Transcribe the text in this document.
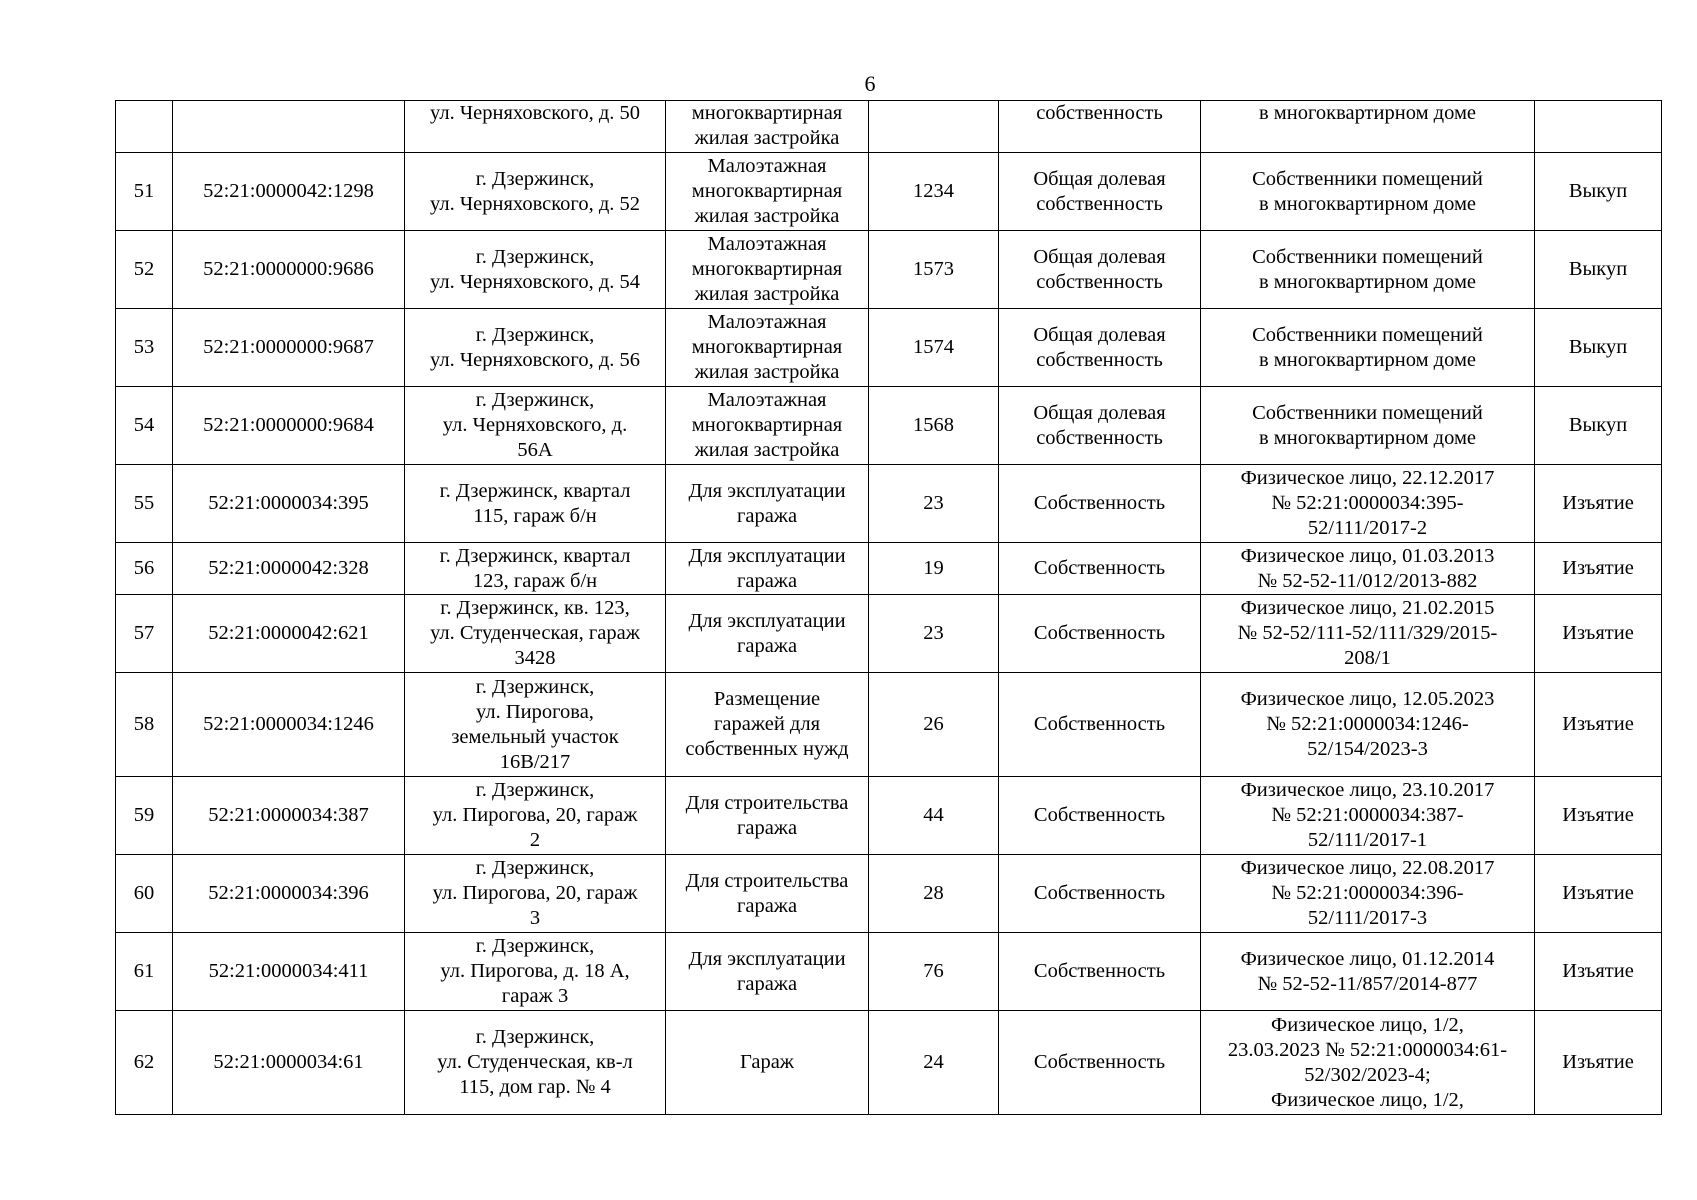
6
		ул. Черняховского, д. 50	многоквартирная
жилая застройка		собственность	в многоквартирном доме	
51	52:21:0000042:1298	г. Дзержинск,
ул. Черняховского, д. 52	Малоэтажная
многоквартирная
жилая застройка	1234	Общая долевая
собственность	Собственники помещений
в многоквартирном доме	Выкуп
52	52:21:0000000:9686	г. Дзержинск,
ул. Черняховского, д. 54	Малоэтажная
многоквартирная
жилая застройка	1573	Общая долевая
собственность	Собственники помещений
в многоквартирном доме	Выкуп
53	52:21:0000000:9687	г. Дзержинск,
ул. Черняховского, д. 56	Малоэтажная
многоквартирная
жилая застройка	1574	Общая долевая
собственность	Собственники помещений
в многоквартирном доме	Выкуп
54	52:21:0000000:9684	г. Дзержинск,
ул. Черняховского, д.
56А	Малоэтажная
многоквартирная
жилая застройка	1568	Общая долевая
собственность	Собственники помещений
в многоквартирном доме	Выкуп
55	52:21:0000034:395	г. Дзержинск, квартал
115, гараж б/н	Для эксплуатации
гаража	23	Собственность	Физическое лицо, 22.12.2017
№ 52:21:0000034:395-
52/111/2017-2	Изъятие
56	52:21:0000042:328	г. Дзержинск, квартал
123, гараж б/н	Для эксплуатации
гаража	19	Собственность	Физическое лицо, 01.03.2013
№ 52-52-11/012/2013-882	Изъятие
57	52:21:0000042:621	г. Дзержинск, кв. 123,
ул. Студенческая, гараж
3428	Для эксплуатации
гаража	23	Собственность	Физическое лицо, 21.02.2015
№ 52-52/111-52/111/329/2015-
208/1	Изъятие
58	52:21:0000034:1246	г. Дзержинск,
ул. Пирогова,
земельный участок
16В/217	Размещение
гаражей для
собственных нужд	26	Собственность	Физическое лицо, 12.05.2023
№ 52:21:0000034:1246-
52/154/2023-3	Изъятие
59	52:21:0000034:387	г. Дзержинск,
ул. Пирогова, 20, гараж
2	Для строительства
гаража	44	Собственность	Физическое лицо, 23.10.2017
№ 52:21:0000034:387-
52/111/2017-1	Изъятие
60	52:21:0000034:396	г. Дзержинск,
ул. Пирогова, 20, гараж
3	Для строительства
гаража	28	Собственность	Физическое лицо, 22.08.2017
№ 52:21:0000034:396-
52/111/2017-3	Изъятие
61	52:21:0000034:411	г. Дзержинск,
ул. Пирогова, д. 18 А,
гараж 3	Для эксплуатации
гаража	76	Собственность	Физическое лицо, 01.12.2014
№ 52-52-11/857/2014-877	Изъятие
62	52:21:0000034:61	г. Дзержинск,
ул. Студенческая, кв-л
115, дом гар. № 4	Гараж	24	Собственность	Физическое лицо, 1/2,
23.03.2023 № 52:21:0000034:61-
52/302/2023-4;
Физическое лицо, 1/2,	Изъятие
